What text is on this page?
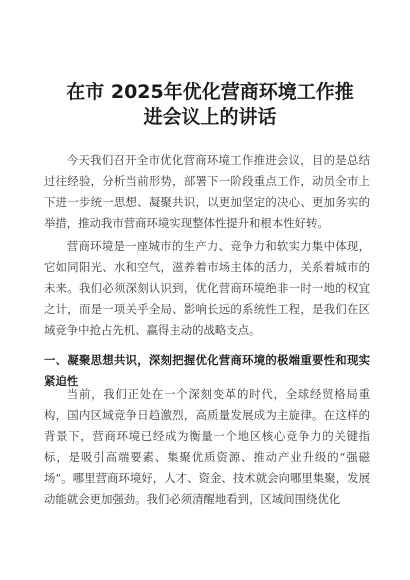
在市 2025年优化营商环境工作推进会议上的讲话

今天我们召开全市优化营商环境工作推进会议，目的是总结过往经验，分析当前形势，部署下一阶段重点工作，动员全市上下进一步统一思想、凝聚共识，以更加坚定的决心、更加务实的举措，推动我市营商环境实现整体性提升和根本性好转。

营商环境是一座城市的生产力、竞争力和软实力集中体现，它如同阳光、水和空气，滋养着市场主体的活力，关系着城市的未来。我们必须深刻认识到，优化营商环境绝非一时一地的权宜之计，而是一项关乎全局、影响长远的系统性工程，是我们在区域竞争中抢占先机、赢得主动的战略支点。

一、凝聚思想共识，深刻把握优化营商环境的极端重要性和现实紧迫性

当前，我们正处在一个深刻变革的时代，全球经贸格局重构，国内区域竞争日趋激烈，高质量发展成为主旋律。在这样的背景下，营商环境已经成为衡量一个地区核心竞争力的关键指标，是吸引高端要素、集聚优质资源、推动产业升级的“强磁场”。哪里营商环境好，人才、资金、技术就会向哪里集聚，发展动能就会更加强劲。我们必须清醒地看到，区域间围绕优化
